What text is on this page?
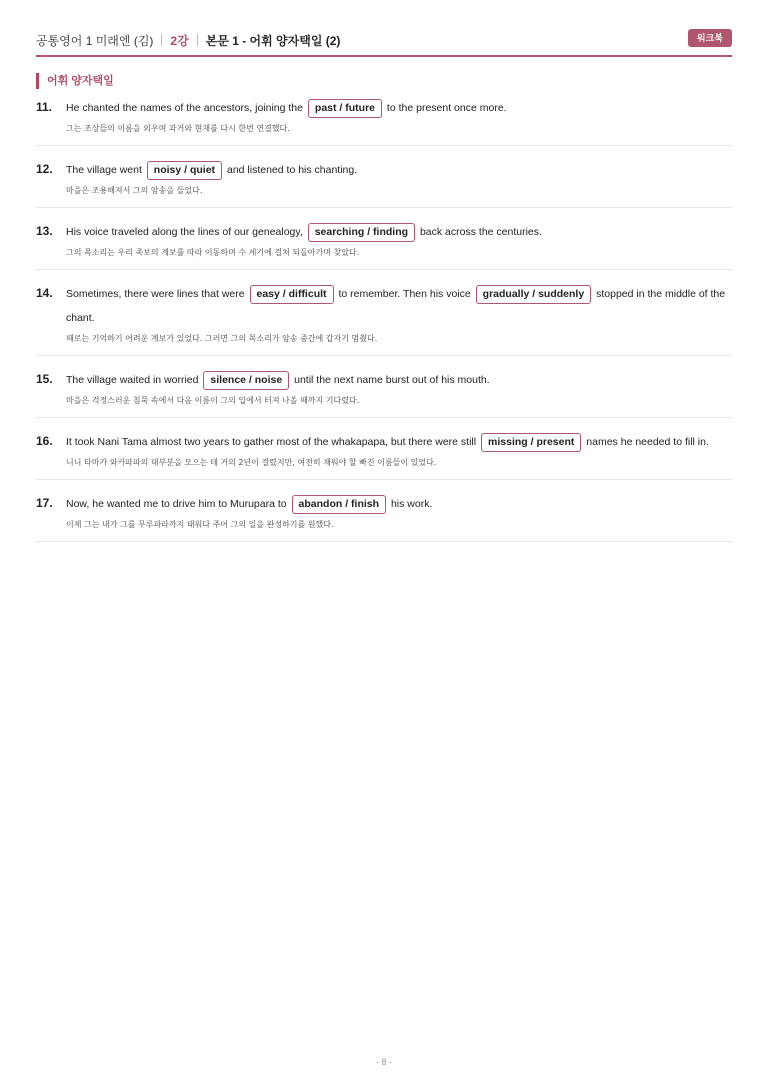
공통영어 1 미래엔 (김) 2강 본문 1 - 어휘 양자택일 (2)	워크북
어휘 양자택일
11.	He chanted the names of the ancestors, joining the past / future to the present once more.
그는 조상들의 이름을 외우며 과거와 현재를 다시 한번 연결했다.
12.	The village went noisy / quiet and listened to his chanting.
마을은 조용해져서 그의 암송을 들었다.
13.	His voice traveled along the lines of our genealogy, searching / finding back across the centuries.
그의 목소리는 우리 족보의 계보를 따라 이동하며 수 세기에 걸쳐 되돌아가며 찾았다.
14.	Sometimes, there were lines that were easy / difficult to remember. Then his voice gradually / suddenly stopped in the middle of the chant.
때로는 기억하기 어려운 계보가 있었다. 그러면 그의 목소리가 암송 중간에 갑자기 멈췄다.
15.	The village waited in worried silence / noise until the next name burst out of his mouth.
마을은 걱정스러운 침묵 속에서 다음 이름이 그의 입에서 터져 나올 때까지 기다렸다.
16.	It took Nani Tama almost two years to gather most of the whakapapa, but there were still missing / present names he needed to fill in.
니니 타마가 와카파파의 대부분을 모으는 데 거의 2년이 걸렸지만, 여전히 채워야 할 빠진 이름들이 있었다.
17.	Now, he wanted me to drive him to Murupara to abandon / finish his work.
이제 그는 내가 그를 무루파라까지 태워다 주어 그의 일을 완성하기를 원했다.
- 8 -
